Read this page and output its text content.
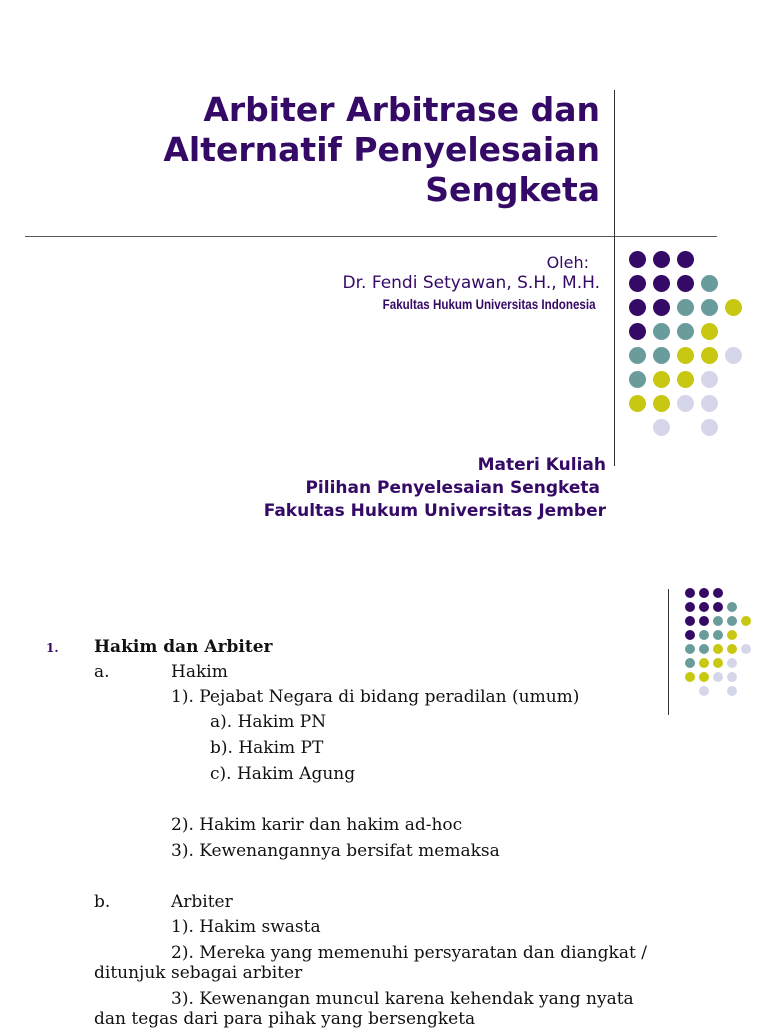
Arbiter Arbitrase dan
Alternatif Penyelesaian
Sengketa
Oleh:
Dr. Fendi Setyawan, S.H., M.H.
Fakultas Hukum Universitas Indonesia
Materi Kuliah
Pilihan Penyelesaian Sengketa
Fakultas Hukum Universitas Jember
1. Hakim dan Arbiter
a.	Hakim
1). Pejabat Negara di bidang peradilan (umum)
a). Hakim PN
b). Hakim PT
c). Hakim Agung
2). Hakim karir dan hakim ad-hoc
3). Kewenangannya bersifat memaksa
b.	Arbiter
1). Hakim swasta
2). Mereka yang memenuhi persyaratan dan diangkat /
ditunjuk sebagai arbiter
3). Kewenangan muncul karena kehendak yang nyata
dan tegas dari para pihak yang bersengketa
